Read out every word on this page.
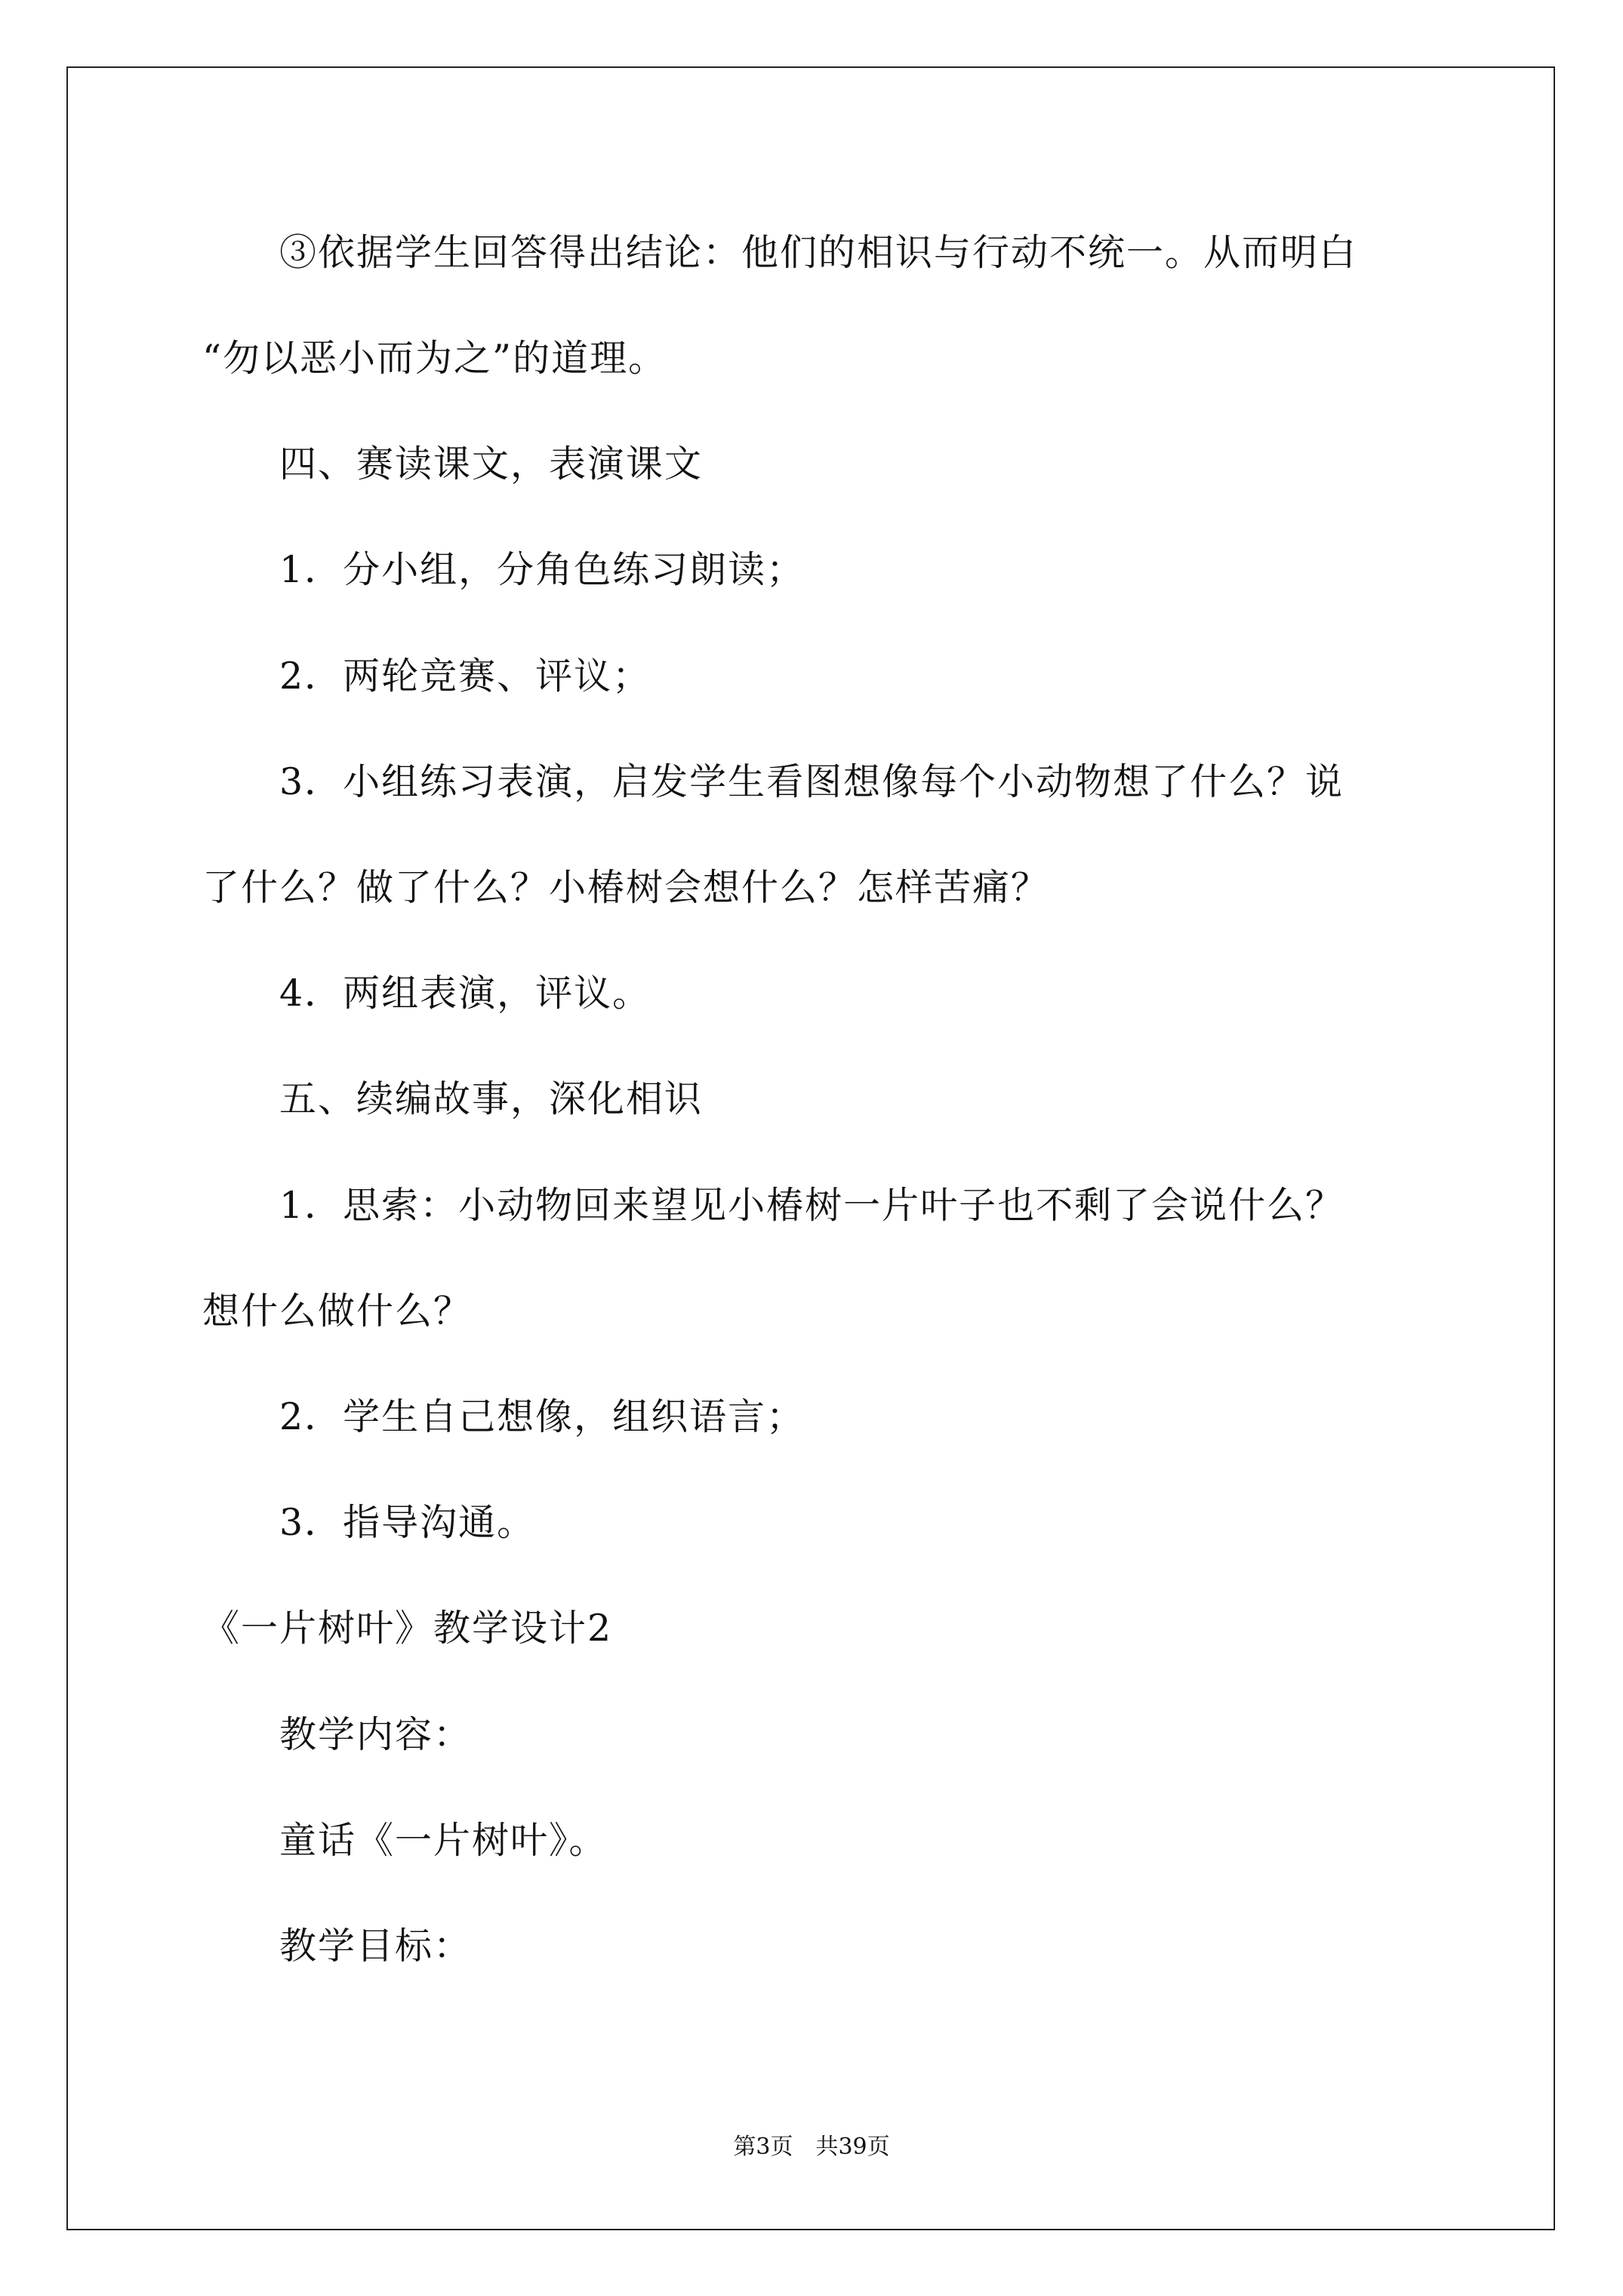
③依据学生回答得出结论：他们的相识与行动不统一。从而明白
“勿以恶小而为之”的道理。
四、赛读课文，表演课文
1．分小组，分角色练习朗读；
2．两轮竞赛、评议；
3．小组练习表演，启发学生看图想像每个小动物想了什么？说
了什么？做了什么？小椿树会想什么？怎样苦痛？
4．两组表演，评议。
五、续编故事，深化相识
1．思索：小动物回来望见小椿树一片叶子也不剩了会说什么？
想什么做什么？
2．学生自己想像，组织语言；
3．指导沟通。
《一片树叶》教学设计2
教学内容：
童话《一片树叶》。
教学目标：
第3页　共39页
